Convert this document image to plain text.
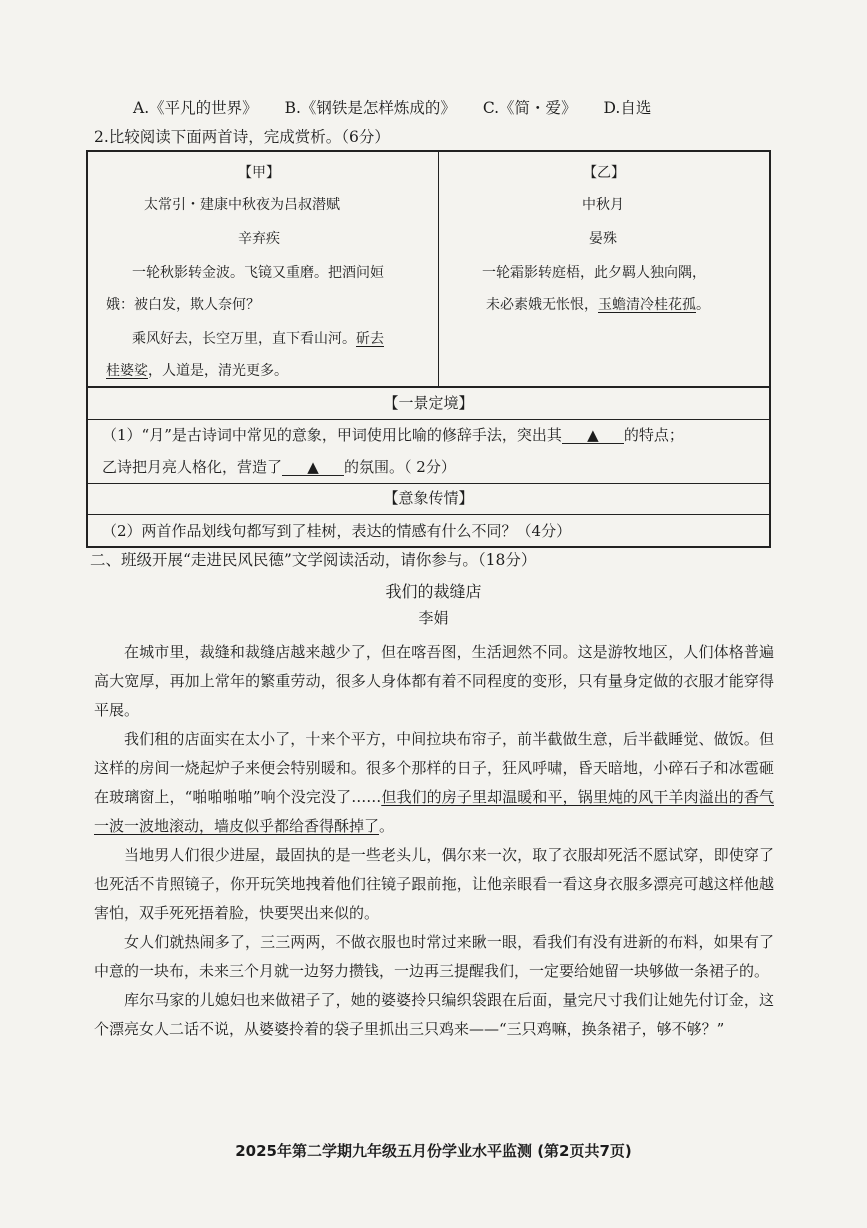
A.《平凡的世界》 B.《钢铁是怎样炼成的》 C.《简・爱》 D.自选
2.比较阅读下面两首诗，完成赏析。（6分）
【甲】
太常引・建康中秋夜为吕叔潜赋
辛弃疾
一轮秋影转金波。飞镜又重磨。把酒问姮
娥：被白发，欺人奈何？
乘风好去，长空万里，直下看山河。斫去
桂婆娑，人道是，清光更多。
【乙】
中秋月
晏殊
一轮霜影转庭梧，此夕羁人独向隅，
未必素娥无怅恨，玉蟾清冷桂花孤。
【一景定境】
（1）“月”是古诗词中常见的意象，甲词使用比喻的修辞手法，突出其 ▲ 的特点；
乙诗把月亮人格化，营造了 ▲ 的氛围。（ 2分）
【意象传情】
（2）两首作品划线句都写到了桂树，表达的情感有什么不同？（4分）
二、班级开展“走进民风民德”文学阅读活动，请你参与。（18分）
我们的裁缝店
李娟

在城市里，裁缝和裁缝店越来越少了，但在喀吾图，生活迥然不同。这是游牧地区，人们体格普遍高大宽厚，再加上常年的繁重劳动，很多人身体都有着不同程度的变形，只有量身定做的衣服才能穿得平展。

我们租的店面实在太小了，十来个平方，中间拉块布帘子，前半截做生意，后半截睡觉、做饭。但这样的房间一烧起炉子来便会特别暖和。很多个那样的日子，狂风呼啸，昏天暗地，小碎石子和冰雹砸在玻璃窗上，“啪啪啪啪”响个没完没了……但我们的房子里却温暖和平，锅里炖的风干羊肉溢出的香气一波一波地滚动，墙皮似乎都给香得酥掉了。

当地男人们很少进屋，最固执的是一些老头儿，偶尔来一次，取了衣服却死活不愿试穿，即使穿了也死活不肯照镜子，你开玩笑地拽着他们往镜子跟前拖，让他亲眼看一看这身衣服多漂亮可越这样他越害怕，双手死死捂着脸，快要哭出来似的。

女人们就热闹多了，三三两两，不做衣服也时常过来瞅一眼，看我们有没有进新的布料，如果有了中意的一块布，未来三个月就一边努力攒钱，一边再三提醒我们，一定要给她留一块够做一条裙子的。

库尔马家的儿媳妇也来做裙子了，她的婆婆拎只编织袋跟在后面，量完尺寸我们让她先付订金，这个漂亮女人二话不说，从婆婆拎着的袋子里抓出三只鸡来——“三只鸡嘛，换条裙子，够不够？”

2025年第二学期九年级五月份学业水平监测 (第2页共7页)
